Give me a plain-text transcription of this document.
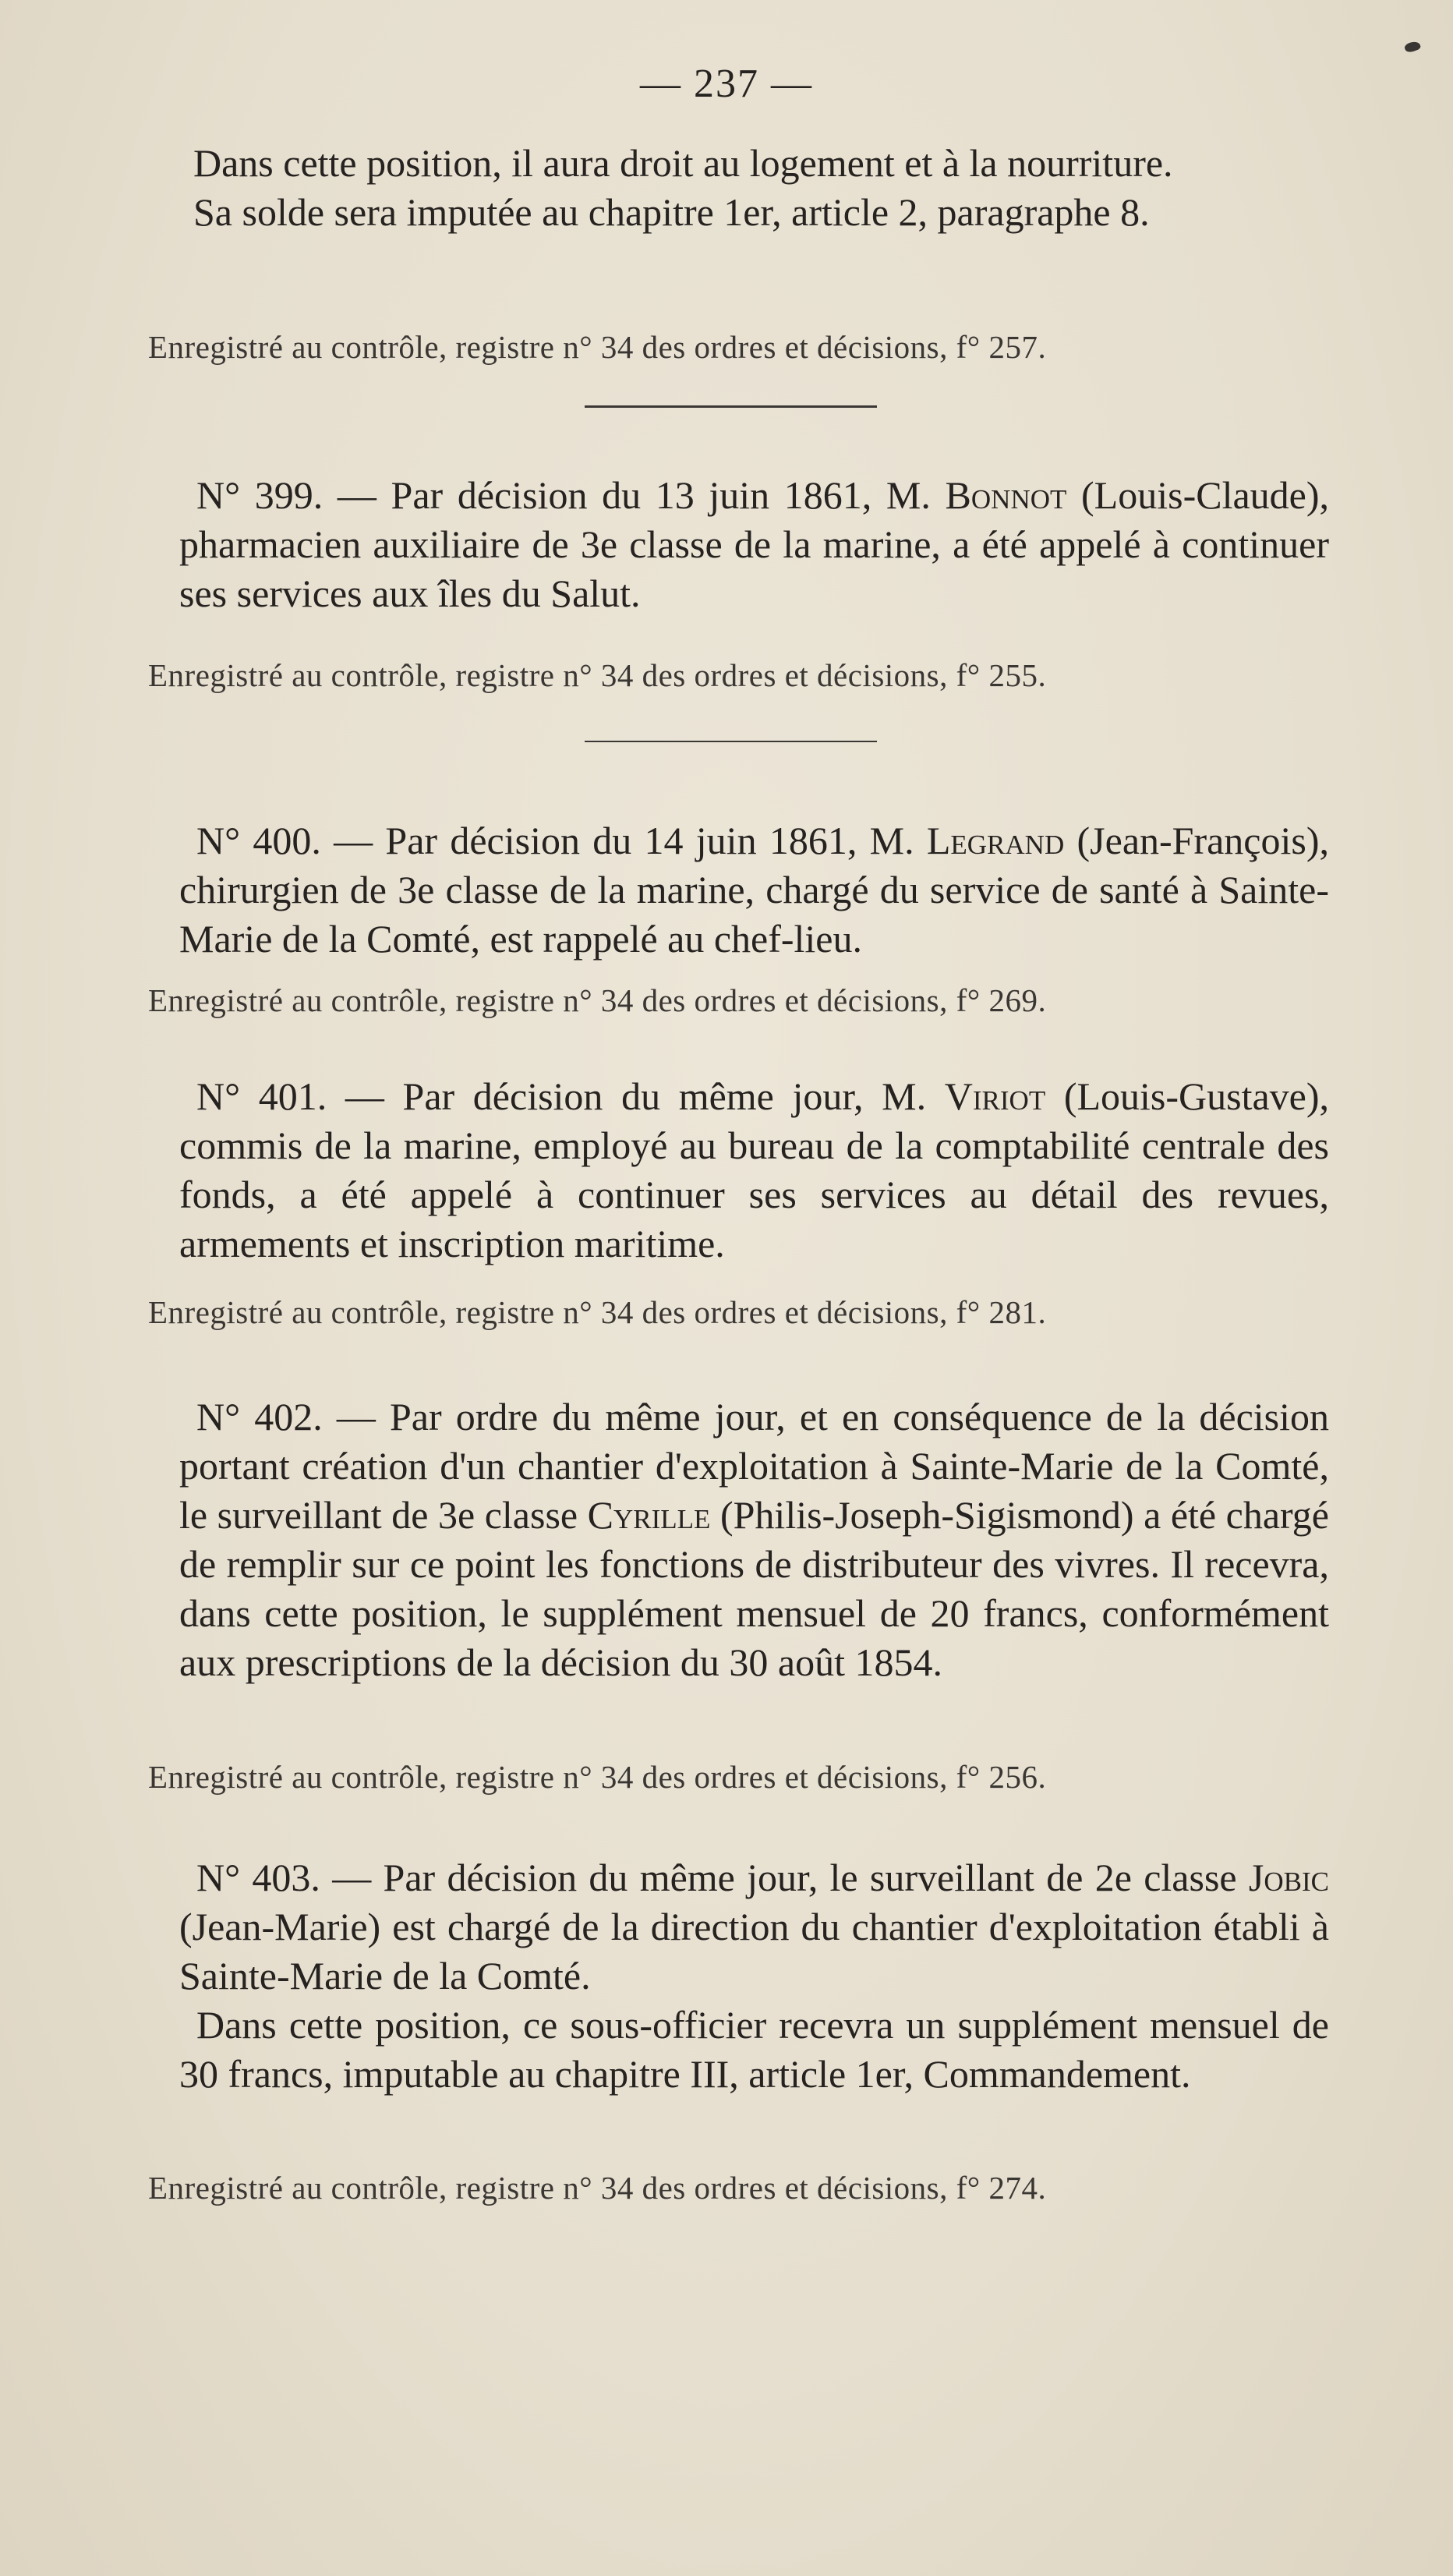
— 237 —

Dans cette position, il aura droit au logement et à la nourriture.

Sa solde sera imputée au chapitre 1er, article 2, paragraphe 8.

Enregistré au contrôle, registre n° 34 des ordres et décisions, f° 257.

N° 399. — Par décision du 13 juin 1861, M. Bonnot (Louis-Claude), pharmacien auxiliaire de 3e classe de la marine, a été appelé à continuer ses services aux îles du Salut.

Enregistré au contrôle, registre n° 34 des ordres et décisions, f° 255.

N° 400. — Par décision du 14 juin 1861, M. Legrand (Jean-François), chirurgien de 3e classe de la marine, chargé du service de santé à Sainte-Marie de la Comté, est rappelé au chef-lieu.

Enregistré au contrôle, registre n° 34 des ordres et décisions, f° 269.

N° 401. — Par décision du même jour, M. Viriot (Louis-Gustave), commis de la marine, employé au bureau de la comptabilité centrale des fonds, a été appelé à continuer ses services au détail des revues, armements et inscription maritime.

Enregistré au contrôle, registre n° 34 des ordres et décisions, f° 281.

N° 402. — Par ordre du même jour, et en conséquence de la décision portant création d'un chantier d'exploitation à Sainte-Marie de la Comté, le surveillant de 3e classe Cyrille (Philis-Joseph-Sigismond) a été chargé de remplir sur ce point les fonctions de distributeur des vivres. Il recevra, dans cette position, le supplément mensuel de 20 francs, conformément aux prescriptions de la décision du 30 août 1854.

Enregistré au contrôle, registre n° 34 des ordres et décisions, f° 256.

N° 403. — Par décision du même jour, le surveillant de 2e classe Jobic (Jean-Marie) est chargé de la direction du chantier d'exploitation établi à Sainte-Marie de la Comté.

Dans cette position, ce sous-officier recevra un supplément mensuel de 30 francs, imputable au chapitre III, article 1er, Commandement.

Enregistré au contrôle, registre n° 34 des ordres et décisions, f° 274.
